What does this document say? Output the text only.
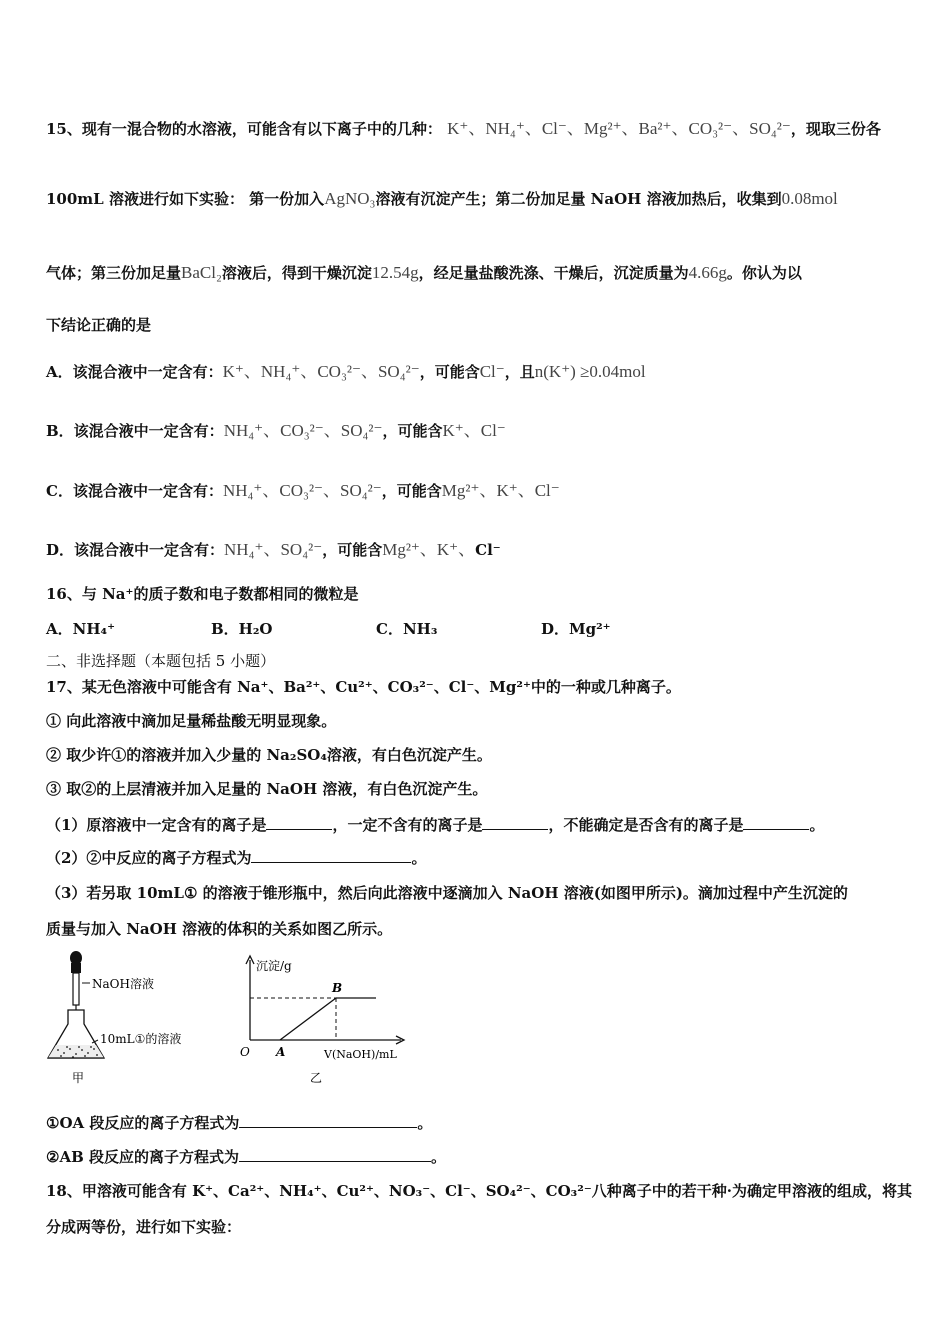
15、现有一混合物的水溶液，可能含有以下离子中的几种： K⁺、NH₄⁺、Cl⁻、Mg²⁺、Ba²⁺、CO₃²⁻、SO₄²⁻，现取三份各
100mL 溶液进行如下实验： 第一份加入AgNO₃溶液有沉淀产生；第二份加足量 NaOH 溶液加热后，收集到0.08mol
气体；第三份加足量BaCl₂溶液后，得到干燥沉淀12.54g，经足量盐酸洗涤、干燥后，沉淀质量为4.66g。你认为以
下结论正确的是
A．该混合液中一定含有：K⁺、NH₄⁺、CO₃²⁻、SO₄²⁻，可能含Cl⁻，且n(K⁺) ≥0.04mol
B．该混合液中一定含有：NH₄⁺、CO₃²⁻、SO₄²⁻，可能含K⁺、Cl⁻
C．该混合液中一定含有：NH₄⁺、CO₃²⁻、SO₄²⁻，可能含Mg²⁺、K⁺、Cl⁻
D．该混合液中一定含有：NH₄⁺、SO₄²⁻，可能含Mg²⁺、K⁺、Cl⁻
16、与 Na⁺的质子数和电子数都相同的微粒是
A．NH₄⁺	B．H₂O	C．NH₃	D．Mg²⁺
二、非选择题（本题包括 5 小题）
17、某无色溶液中可能含有 Na⁺、Ba²⁺、Cu²⁺、CO₃²⁻、Cl⁻、Mg²⁺中的一种或几种离子。
① 向此溶液中滴加足量稀盐酸无明显现象。
② 取少许①的溶液并加入少量的 Na₂SO₄溶液，有白色沉淀产生。
③ 取②的上层清液并加入足量的 NaOH 溶液，有白色沉淀产生。
（1）原溶液中一定含有的离子是	，一定不含有的离子是	，不能确定是否含有的离子是	。
（2）②中反应的离子方程式为	。
（3）若另取 10mL① 的溶液于锥形瓶中，然后向此溶液中逐滴加入 NaOH 溶液(如图甲所示)。滴加过程中产生沉淀的
质量与加入 NaOH 溶液的体积的关系如图乙所示。
NaOH溶液
10mL①的溶液
甲
沉淀/g
B
A
O	V(NaOH)/mL
乙
①OA 段反应的离子方程式为	。
②AB 段反应的离子方程式为	。
18、甲溶液可能含有 K⁺、Ca²⁺、NH₄⁺、Cu²⁺、NO₃⁻、Cl⁻、SO₄²⁻、CO₃²⁻八种离子中的若干种·为确定甲溶液的组成，将其
分成两等份，进行如下实验：
